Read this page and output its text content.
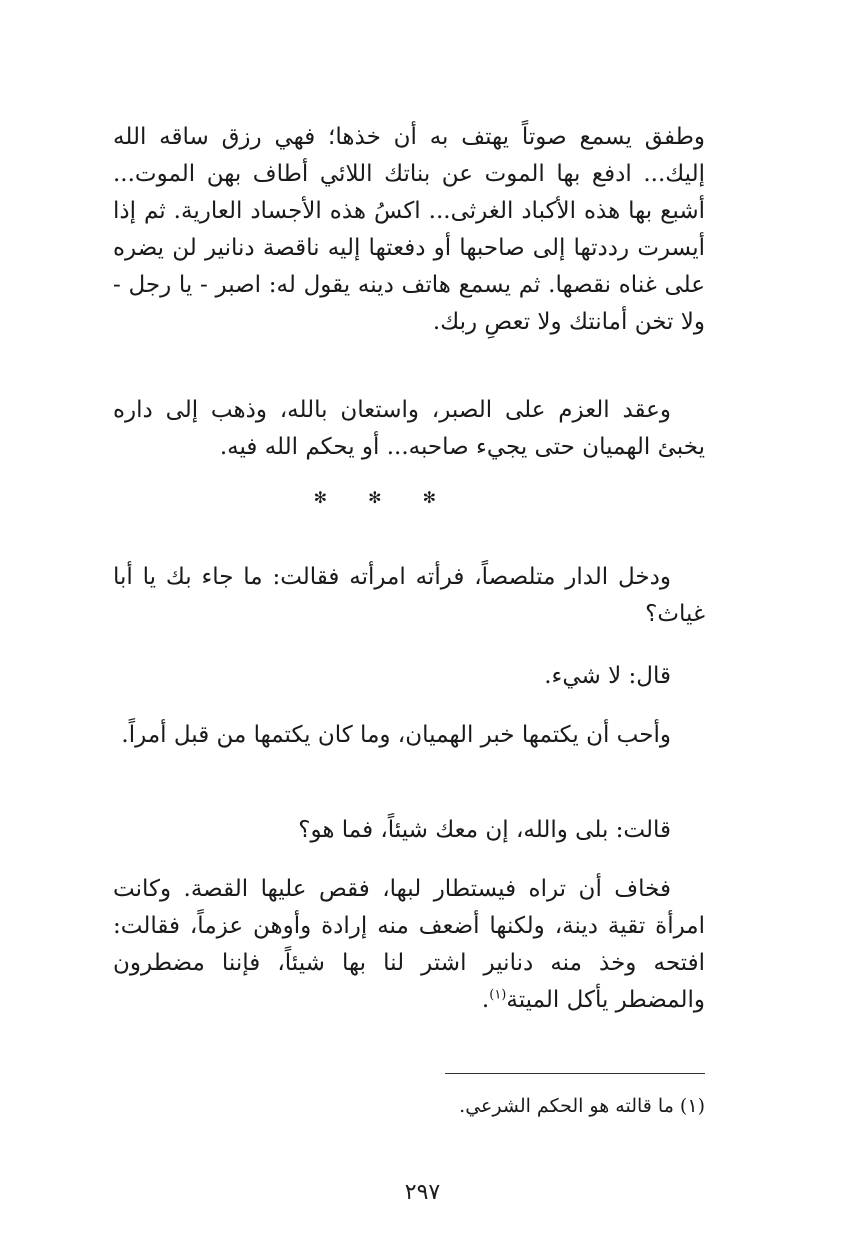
وطفق يسمع صوتاً يهتف به أن خذها؛ فهي رزق ساقه الله إليك... ادفع بها الموت عن بناتك اللائي أطاف بهن الموت... أشبع بها هذه الأكباد الغرثى... اكسُ هذه الأجساد العارية. ثم إذا أيسرت رددتها إلى صاحبها أو دفعتها إليه ناقصة دنانير لن يضره على غناه نقصها. ثم يسمع هاتف دينه يقول له: اصبر - يا رجل - ولا تخن أمانتك ولا تعصِ ربك.

وعقد العزم على الصبر، واستعان بالله، وذهب إلى داره يخبئ الهميان حتى يجيء صاحبه... أو يحكم الله فيه.

✻ ✻ ✻

ودخل الدار متلصصاً، فرأته امرأته فقالت: ما جاء بك يا أبا غياث؟

قال: لا شيء.

وأحب أن يكتمها خبر الهميان، وما كان يكتمها من قبل أمراً.

قالت: بلى والله، إن معك شيئاً، فما هو؟

فخاف أن تراه فيستطار لبها، فقص عليها القصة. وكانت امرأة تقية دينة، ولكنها أضعف منه إرادة وأوهن عزماً، فقالت: افتحه وخذ منه دنانير اشتر لنا بها شيئاً، فإننا مضطرون والمضطر يأكل الميتة$^{(١)}$.

(١) ما قالته هو الحكم الشرعي.
٢٩٧
